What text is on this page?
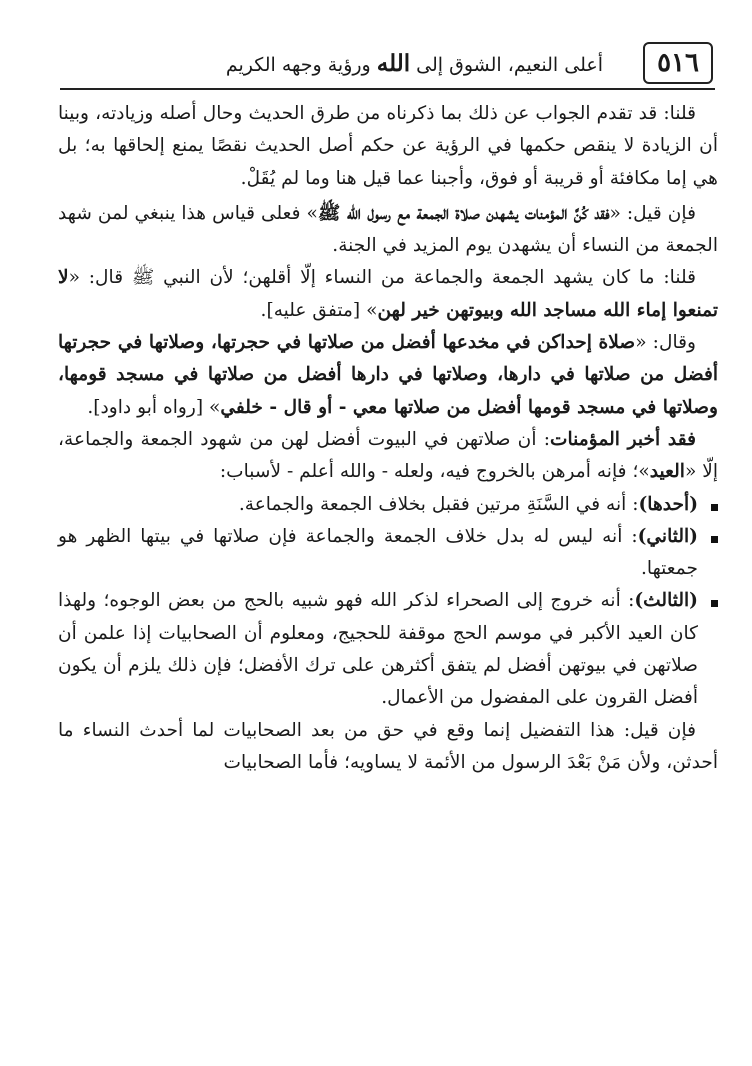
٥١٦
أعلى النعيم، الشوق إلى الله ورؤية وجهه الكريم

قلنا: قد تقدم الجواب عن ذلك بما ذكرناه من طرق الحديث وحال أصله وزيادته، وبينا أن الزيادة لا ينقص حكمها في الرؤية عن حكم أصل الحديث نقصًا يمنع إلحاقها به؛ بل هي إما مكافئة أو قريبة أو فوق، وأجبنا عما قيل هنا وما لم يُقَلْ.

فإن قيل: «فقد كُنَّ المؤمنات يشهدن صلاة الجمعة مع رسول الله ﷺ» فعلى قياس هذا ينبغي لمن شهد الجمعة من النساء أن يشهدن يوم المزيد في الجنة.

قلنا: ما كان يشهد الجمعة والجماعة من النساء إلّا أقلهن؛ لأن النبي ﷺ قال: «لا تمنعوا إماء الله مساجد الله وبيوتهن خير لهن» [متفق عليه].

وقال: «صلاة إحداكن في مخدعها أفضل من صلاتها في حجرتها، وصلاتها في حجرتها أفضل من صلاتها في دارها، وصلاتها في دارها أفضل من صلاتها في مسجد قومها، وصلاتها في مسجد قومها أفضل من صلاتها معي - أو قال - خلفي» [رواه أبو داود].

فقد أخبر المؤمنات: أن صلاتهن في البيوت أفضل لهن من شهود الجمعة والجماعة، إلّا «العيد»؛ فإنه أمرهن بالخروج فيه، ولعله - والله أعلم - لأسباب:

(أحدها): أنه في السَّنَةِ مرتين فقبل بخلاف الجمعة والجماعة.

(الثاني): أنه ليس له بدل خلاف الجمعة والجماعة فإن صلاتها في بيتها الظهر هو جمعتها.

(الثالث): أنه خروج إلى الصحراء لذكر الله فهو شبيه بالحج من بعض الوجوه؛ ولهذا كان العيد الأكبر في موسم الحج موقفة للحجيج، ومعلوم أن الصحابيات إذا علمن أن صلاتهن في بيوتهن أفضل لم يتفق أكثرهن على ترك الأفضل؛ فإن ذلك يلزم أن يكون أفضل القرون على المفضول من الأعمال.

فإن قيل: هذا التفضيل إنما وقع في حق من بعد الصحابيات لما أحدث النساء ما أحدثن، ولأن مَنْ بَعْدَ الرسول من الأئمة لا يساويه؛ فأما الصحابيات
